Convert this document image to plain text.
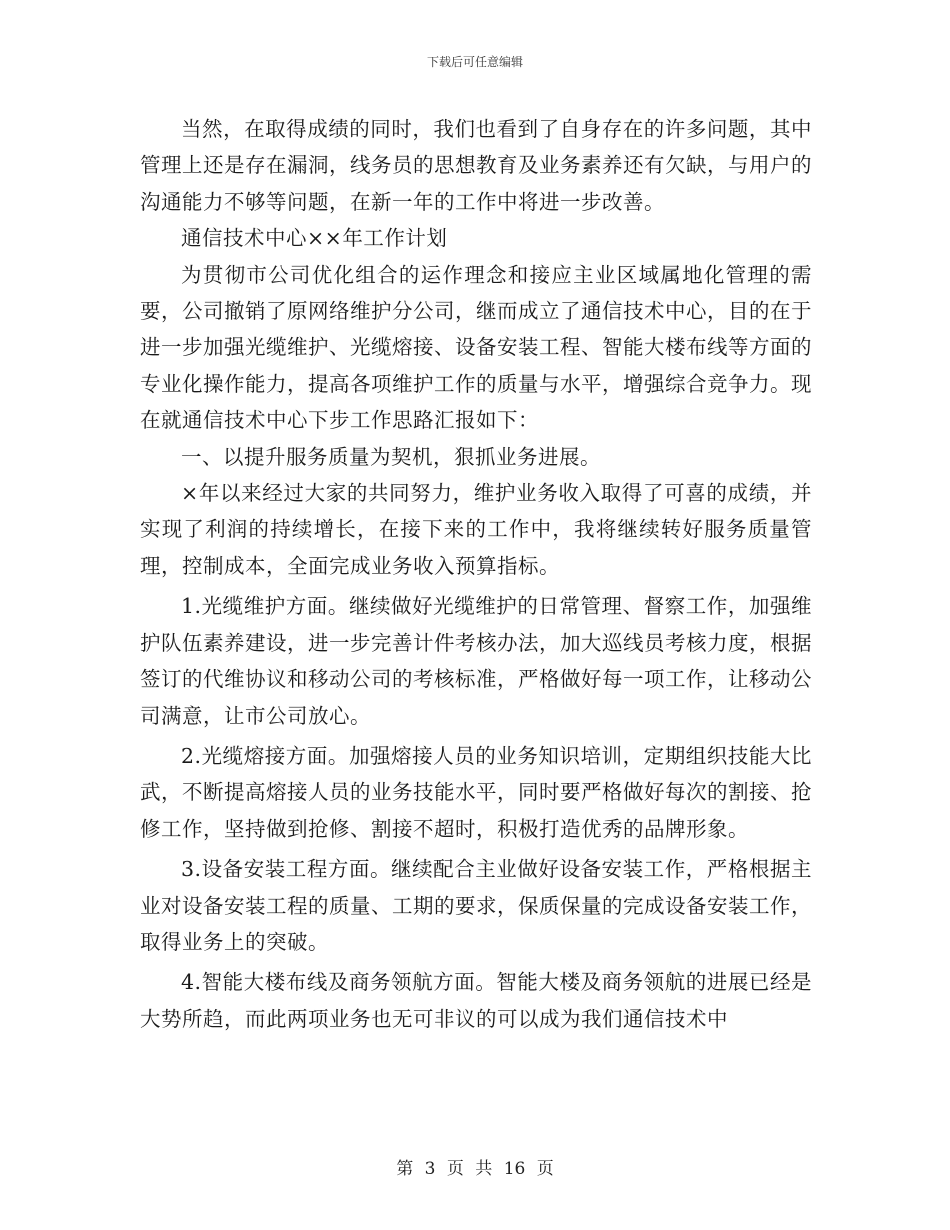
下载后可任意编辑

当然，在取得成绩的同时，我们也看到了自身存在的许多问题，其中管理上还是存在漏洞，线务员的思想教育及业务素养还有欠缺，与用户的沟通能力不够等问题，在新一年的工作中将进一步改善。

通信技术中心××年工作计划

为贯彻市公司优化组合的运作理念和接应主业区域属地化管理的需要，公司撤销了原网络维护分公司，继而成立了通信技术中心，目的在于进一步加强光缆维护、光缆熔接、设备安装工程、智能大楼布线等方面的专业化操作能力，提高各项维护工作的质量与水平，增强综合竞争力。现在就通信技术中心下步工作思路汇报如下：

一、以提升服务质量为契机，狠抓业务进展。

×年以来经过大家的共同努力，维护业务收入取得了可喜的成绩，并实现了利润的持续增长，在接下来的工作中，我将继续转好服务质量管理，控制成本，全面完成业务收入预算指标。

1.光缆维护方面。继续做好光缆维护的日常管理、督察工作，加强维护队伍素养建设，进一步完善计件考核办法，加大巡线员考核力度，根据签订的代维协议和移动公司的考核标准，严格做好每一项工作，让移动公司满意，让市公司放心。

2.光缆熔接方面。加强熔接人员的业务知识培训，定期组织技能大比武，不断提高熔接人员的业务技能水平，同时要严格做好每次的割接、抢修工作，坚持做到抢修、割接不超时，积极打造优秀的品牌形象。

3.设备安装工程方面。继续配合主业做好设备安装工作，严格根据主业对设备安装工程的质量、工期的要求，保质保量的完成设备安装工作，取得业务上的突破。

4.智能大楼布线及商务领航方面。智能大楼及商务领航的进展已经是大势所趋，而此两项业务也无可非议的可以成为我们通信技术中

第 3 页 共 16 页
